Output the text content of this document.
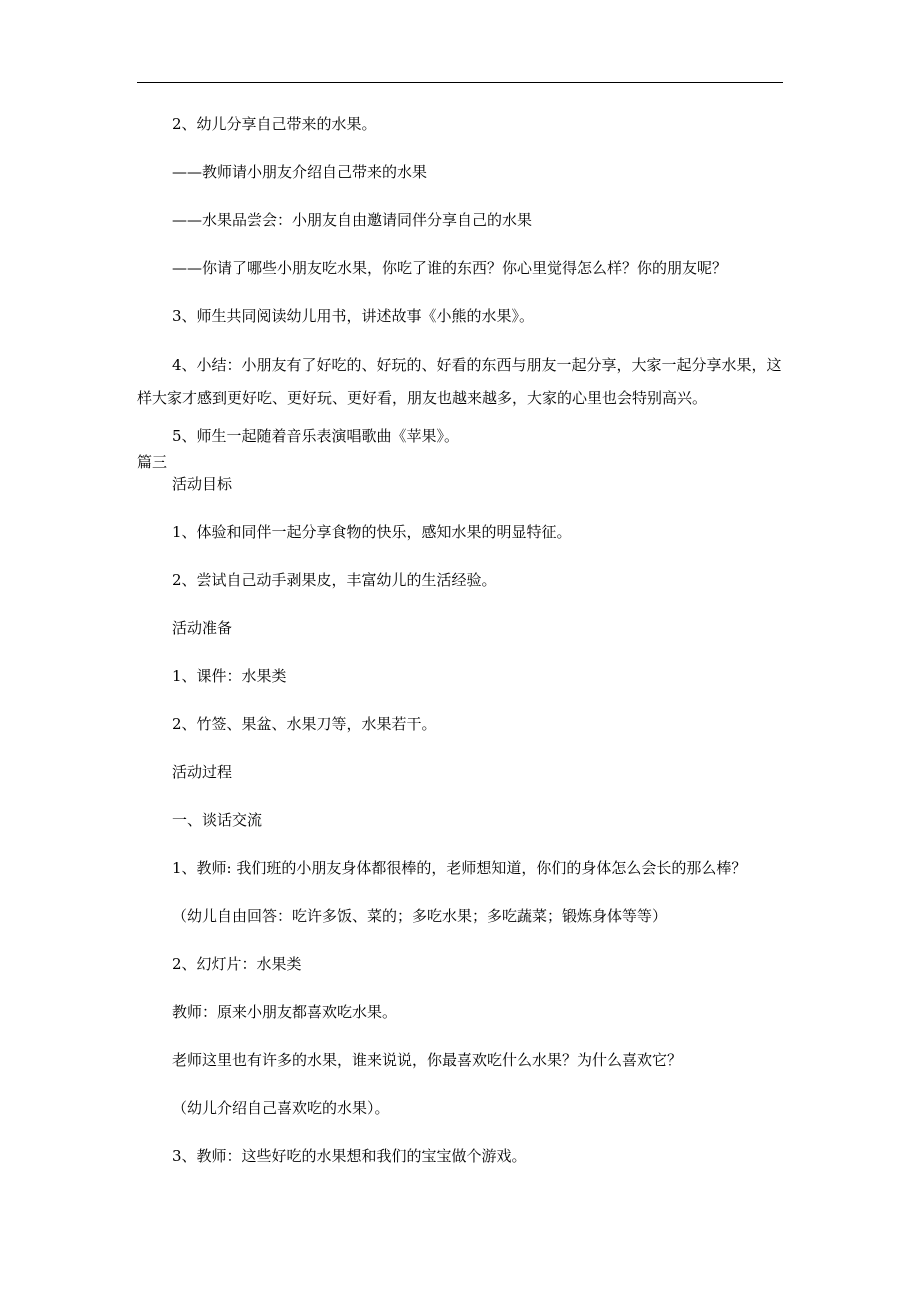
2、幼儿分享自己带来的水果。
——教师请小朋友介绍自己带来的水果
——水果品尝会：小朋友自由邀请同伴分享自己的水果
——你请了哪些小朋友吃水果，你吃了谁的东西？你心里觉得怎么样？你的朋友呢？
3、师生共同阅读幼儿用书，讲述故事《小熊的水果》。
4、小结：小朋友有了好吃的、好玩的、好看的东西与朋友一起分享，大家一起分享水果，这样大家才感到更好吃、更好玩、更好看，朋友也越来越多，大家的心里也会特别高兴。
5、师生一起随着音乐表演唱歌曲《苹果》。
篇三
活动目标
1、体验和同伴一起分享食物的快乐，感知水果的明显特征。
2、尝试自己动手剥果皮，丰富幼儿的生活经验。
活动准备
1、课件：水果类
2、竹签、果盆、水果刀等，水果若干。
活动过程
一、谈话交流
1、教师: 我们班的小朋友身体都很棒的，老师想知道，你们的身体怎么会长的那么棒？
（幼儿自由回答：吃许多饭、菜的；多吃水果；多吃蔬菜；锻炼身体等等）
2、幻灯片：水果类
教师：原来小朋友都喜欢吃水果。
老师这里也有许多的水果，谁来说说，你最喜欢吃什么水果？为什么喜欢它？
（幼儿介绍自己喜欢吃的水果）。
3、教师：这些好吃的水果想和我们的宝宝做个游戏。
